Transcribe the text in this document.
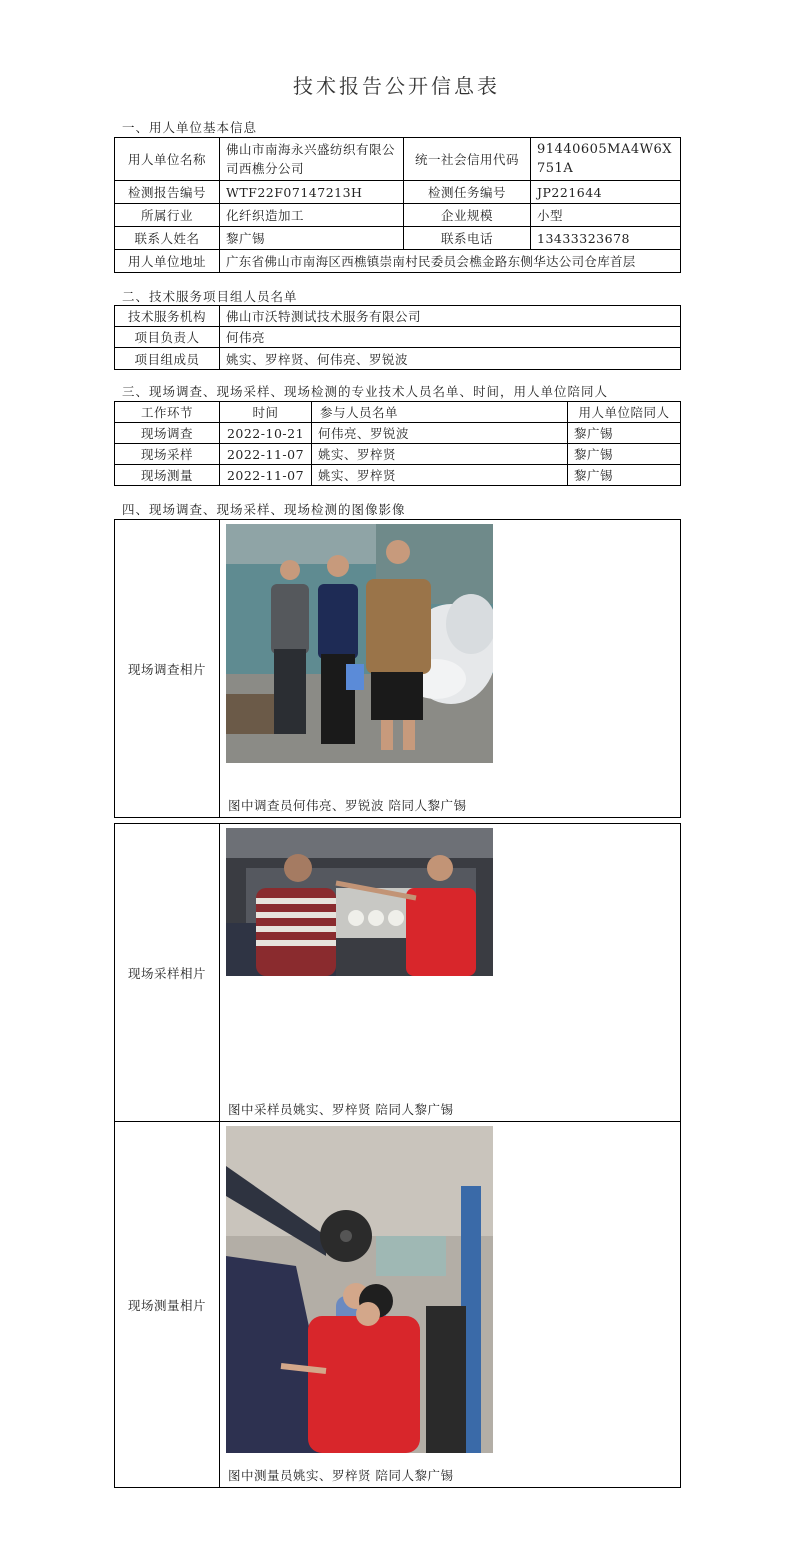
技术报告公开信息表
一、用人单位基本信息
用人单位名称	佛山市南海永兴盛纺织有限公司西樵分公司	统一社会信用代码	91440605MA4W6X751A
检测报告编号	WTF22F07147213H	检测任务编号	JP221644
所属行业	化纤织造加工	企业规模	小型
联系人姓名	黎广锡	联系电话	13433323678
用人单位地址	广东省佛山市南海区西樵镇崇南村民委员会樵金路东侧华达公司仓库首层		
二、技术服务项目组人员名单
技术服务机构	佛山市沃特测试技术服务有限公司
项目负责人	何伟亮
项目组成员	姚实、罗梓贤、何伟亮、罗锐波
三、现场调查、现场采样、现场检测的专业技术人员名单、时间，用人单位陪同人
工作环节	时间	参与人员名单	用人单位陪同人
现场调查	2022-10-21	何伟亮、罗锐波	黎广锡
现场采样	2022-11-07	姚实、罗梓贤	黎广锡
现场测量	2022-11-07	姚实、罗梓贤	黎广锡
四、现场调查、现场采样、现场检测的图像影像
现场调查相片	
图中调查员何伟亮、罗锐波 陪同人黎广锡
现场采样相片	
图中采样员姚实、罗梓贤 陪同人黎广锡
现场测量相片	
图中测量员姚实、罗梓贤 陪同人黎广锡
